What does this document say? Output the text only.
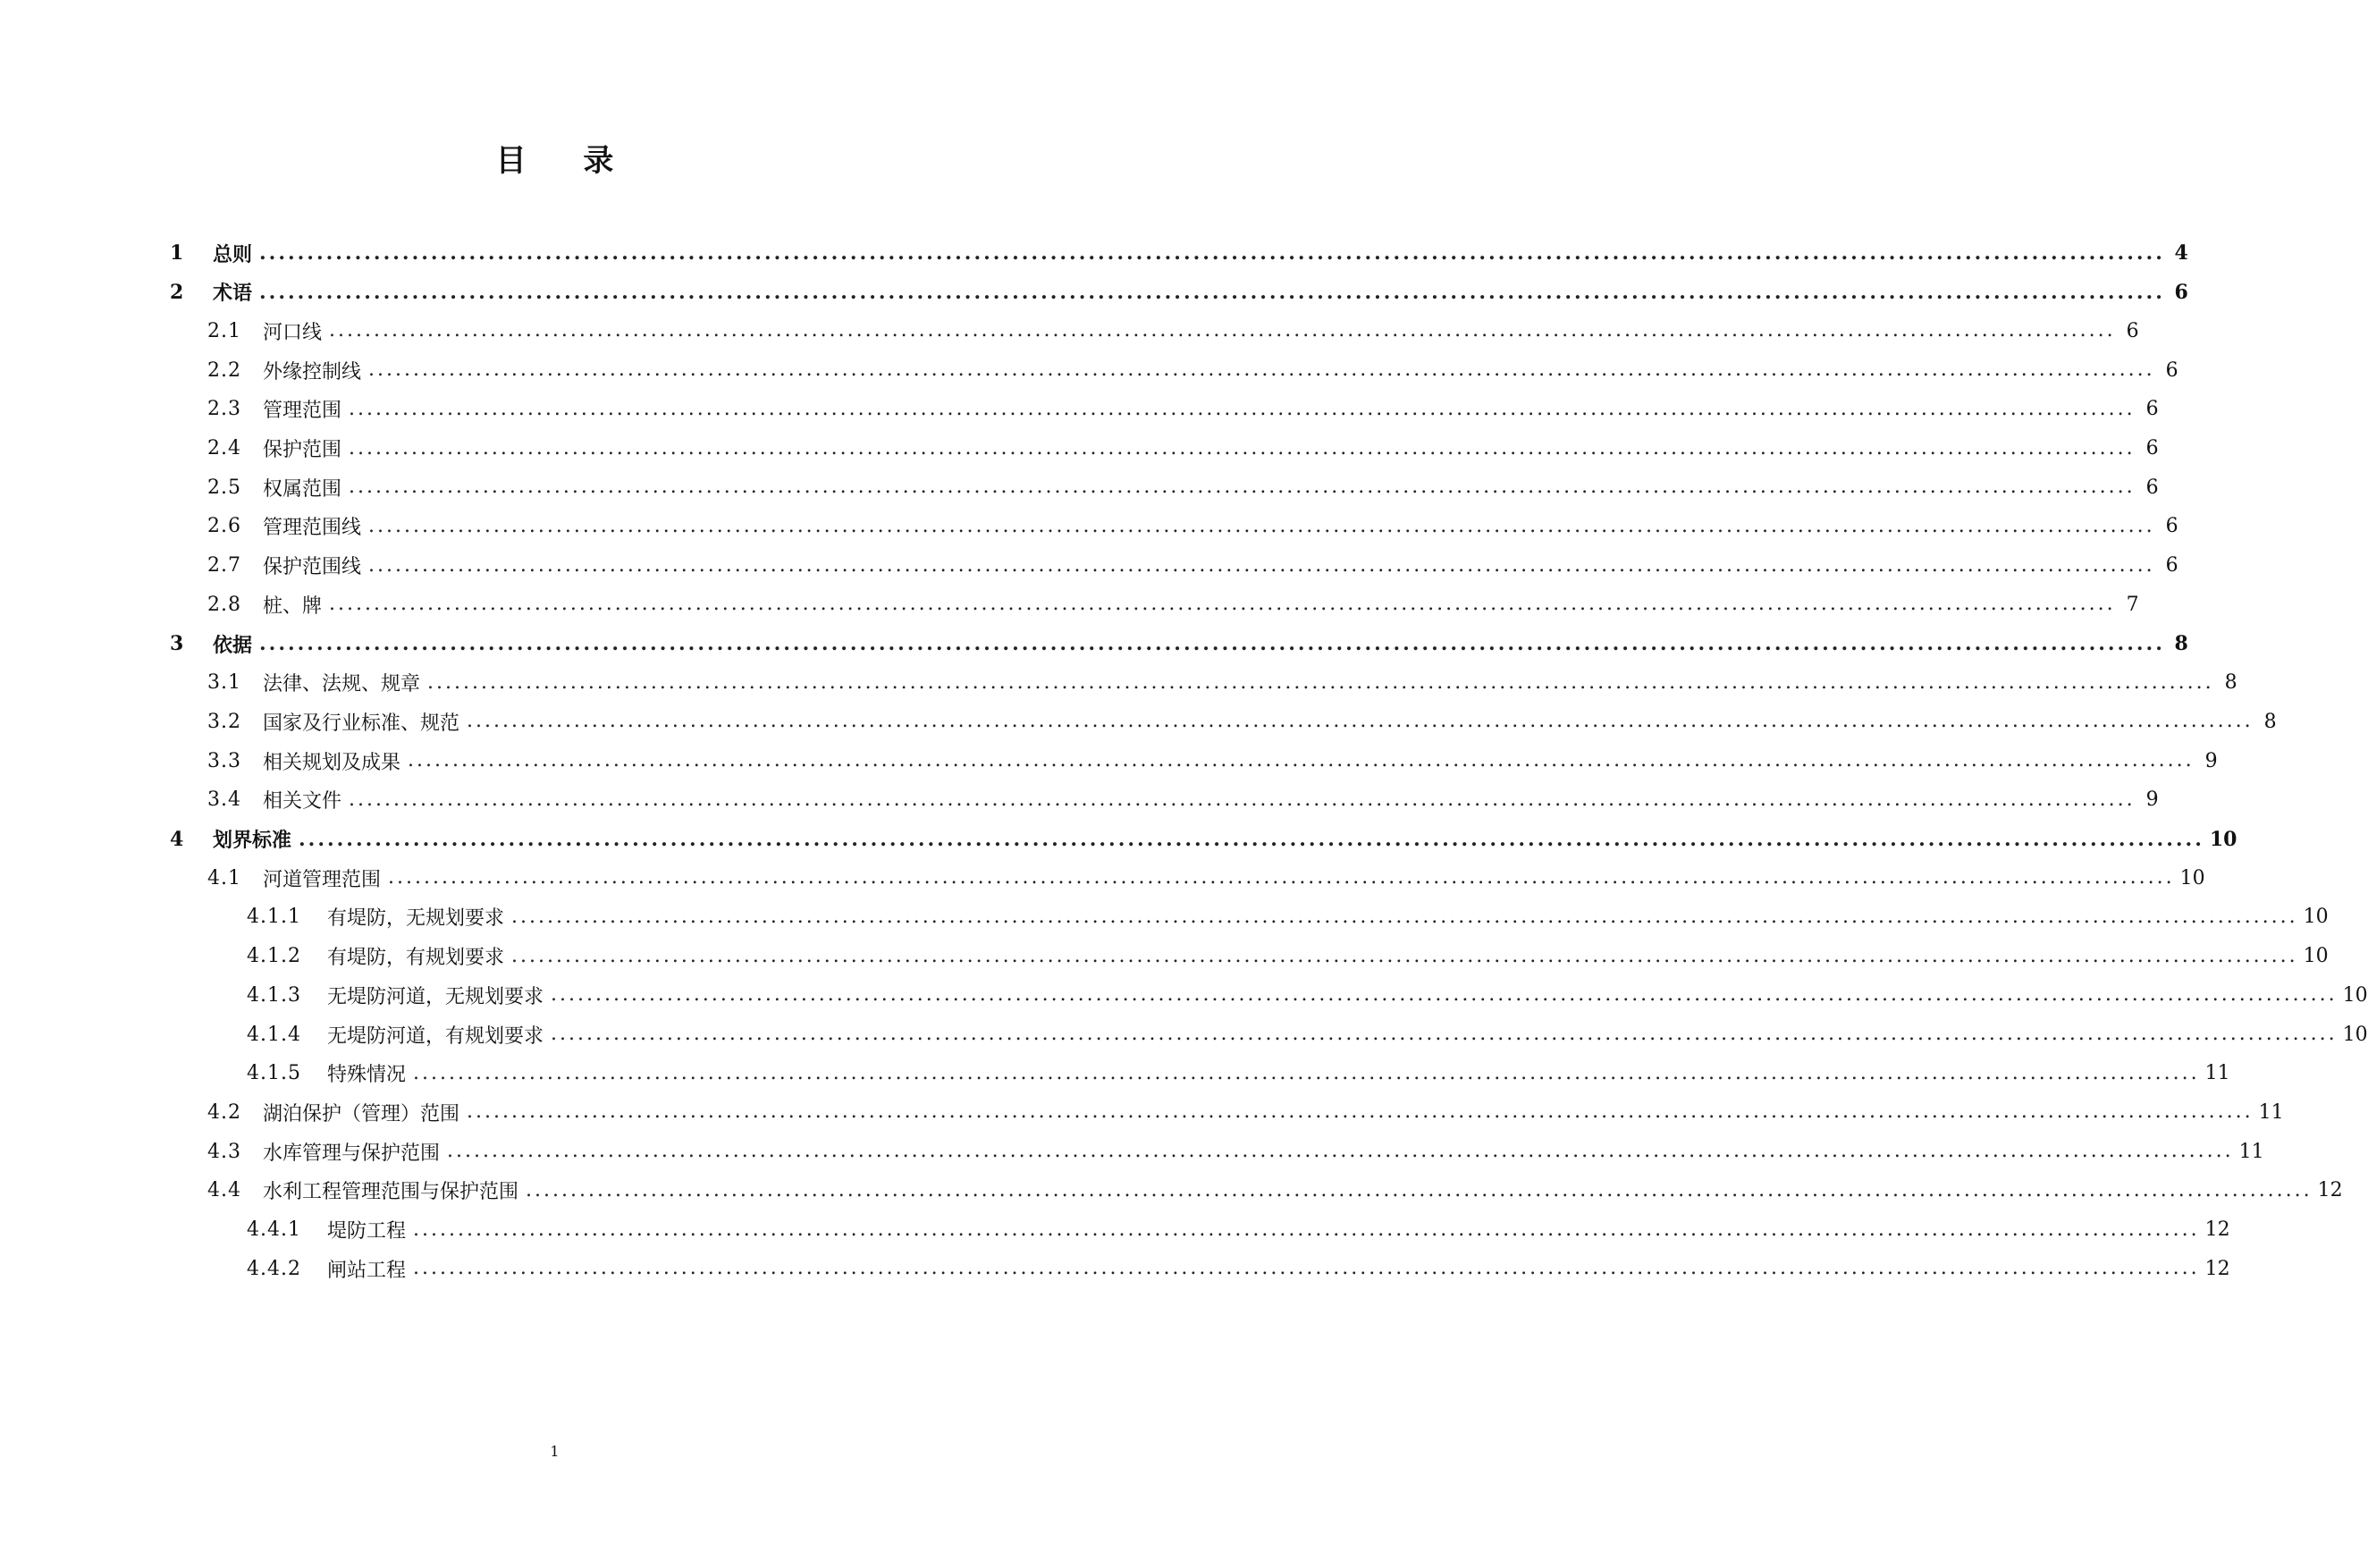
目 录
1	总则 ........................................................................................................................................................................................................ 4
2	术语 ........................................................................................................................................................................................................ 6
2.1	河口线 ........................................................................................................................................................................................................ 6
2.2	外缘控制线 ........................................................................................................................................................................................................ 6
2.3	管理范围 ........................................................................................................................................................................................................ 6
2.4	保护范围 ........................................................................................................................................................................................................ 6
2.5	权属范围 ........................................................................................................................................................................................................ 6
2.6	管理范围线 ........................................................................................................................................................................................................ 6
2.7	保护范围线 ........................................................................................................................................................................................................ 6
2.8	桩、牌 ........................................................................................................................................................................................................ 7
3	依据 ........................................................................................................................................................................................................ 8
3.1	法律、法规、规章 ........................................................................................................................................................................................................ 8
3.2	国家及行业标准、规范 ........................................................................................................................................................................................................ 8
3.3	相关规划及成果 ........................................................................................................................................................................................................ 9
3.4	相关文件 ........................................................................................................................................................................................................ 9
4	划界标准 ........................................................................................................................................................................................................ 10
4.1	河道管理范围 ........................................................................................................................................................................................................ 10
4.1.1	有堤防，无规划要求 ........................................................................................................................................................................................................ 10
4.1.2	有堤防，有规划要求 ........................................................................................................................................................................................................ 10
4.1.3	无堤防河道，无规划要求 ........................................................................................................................................................................................................ 10
4.1.4	无堤防河道，有规划要求 ........................................................................................................................................................................................................ 10
4.1.5	特殊情况 ........................................................................................................................................................................................................ 11
4.2	湖泊保护（管理）范围 ........................................................................................................................................................................................................ 11
4.3	水库管理与保护范围 ........................................................................................................................................................................................................ 11
4.4	水利工程管理范围与保护范围 ........................................................................................................................................................................................................ 12
4.4.1	堤防工程 ........................................................................................................................................................................................................ 12
4.4.2	闸站工程 ........................................................................................................................................................................................................ 12
1
